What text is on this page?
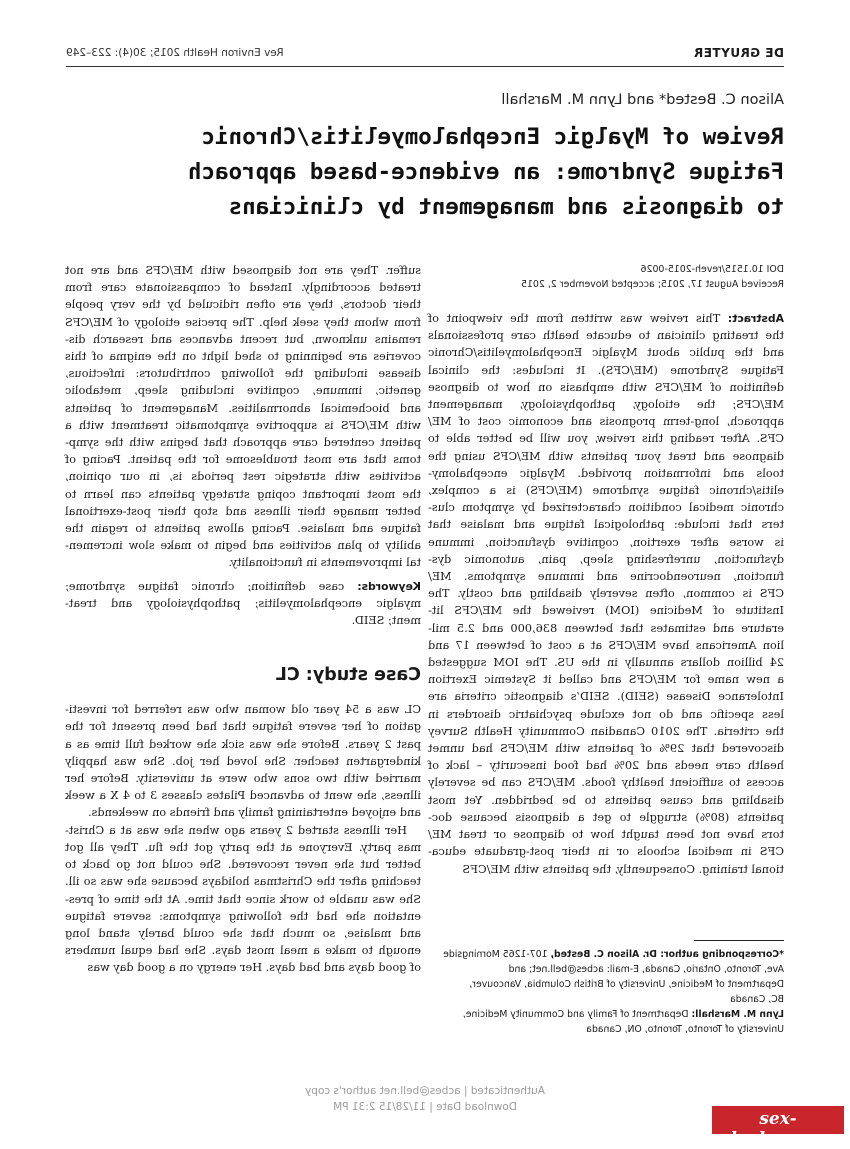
DE GRUYTER
Rev Environ Health 2015; 30(4): 223–249
Alison C. Bested* and Lynn M. Marshall
Review of Myalgic Encephalomyelitis/Chronic
Fatigue Syndrome: an evidence-based approach
to diagnosis and management by clinicians
DOI 10.1515/reveh-2015-0026
Received August 17, 2015; accepted November 2, 2015
Abstract: This review was written from the viewpoint of
the treating clinician to educate health care professionals
and the public about Myalgic Encephalomyelitis/Chronic
Fatigue Syndrome (ME/CFS). It includes: the clinical
definition of ME/CFS with emphasis on how to diagnose
ME/CFS; the etiology, pathophysiology, management
approach, long-term prognosis and economic cost of ME/
CFS. After reading this review, you will be better able to
diagnose and treat your patients with ME/CFS using the
tools and information provided. Myalgic encephalomy-
elitis/chronic fatigue syndrome (ME/CFS) is a complex,
chronic medical condition characterized by symptom clus-
ters that include: pathological fatigue and malaise that
is worse after exertion, cognitive dysfunction, immune
dysfunction, unrefreshing sleep, pain, autonomic dys-
function, neuroendocrine and immune symptoms. ME/
CFS is common, often severely disabling and costly. The
Institute of Medicine (IOM) reviewed the ME/CFS lit-
erature and estimates that between 836,000 and 2.5 mil-
lion Americans have ME/CFS at a cost of between 17 and
24 billion dollars annually in the US. The IOM suggested
a new name for ME/CFS and called it Systemic Exertion
Intolerance Disease (SEID). SEID’s diagnostic criteria are
less specific and do not exclude psychiatric disorders in
the criteria. The 2010 Canadian Community Health Survey
discovered that 29% of patients with ME/CFS had unmet
health care needs and 20% had food insecurity – lack of
access to sufficient healthy foods. ME/CFS can be severely
disabling and cause patients to be bedridden. Yet most
patients (80%) struggle to get a diagnosis because doc-
tors have not been taught how to diagnose or treat ME/
CFS in medical schools or in their post-graduate educa-
tional training. Consequently, the patients with ME/CFS
*Corresponding author: Dr. Alison C. Bested, 107-1265 Morningside
Ave, Toronto, Ontario, Canada, E-mail: acbes@bell.net; and
Department of Medicine, University of British Columbia, Vancouver,
BC, Canada
Lynn M. Marshall: Department of Family and Community Medicine,
University of Toronto, Toronto, ON, Canada
suffer. They are not diagnosed with ME/CFS and are not
treated accordingly. Instead of compassionate care from
their doctors, they are often ridiculed by the very people
from whom they seek help. The precise etiology of ME/CFS
remains unknown, but recent advances and research dis-
coveries are beginning to shed light on the enigma of this
disease including the following contributors: infectious,
genetic, immune, cognitive including sleep, metabolic
and biochemical abnormalities. Management of patients
with ME/CFS is supportive symptomatic treatment with a
patient centered care approach that begins with the symp-
toms that are most troublesome for the patient. Pacing of
activities with strategic rest periods is, in our opinion,
the most important coping strategy patients can learn to
better manage their illness and stop their post-exertional
fatigue and malaise. Pacing allows patients to regain the
ability to plan activities and begin to make slow incremen-
tal improvements in functionality.
Keywords: case definition; chronic fatigue syndrome;
myalgic encephalomyelitis; pathophysiology and treat-
ment; SEID.
Case study: CL
CL was a 54 year old woman who was referred for investi-
gation of her severe fatigue that had been present for the
past 2 years. Before she was sick she worked full time as a
kindergarten teacher. She loved her job. She was happily
married with two sons who were at university. Before her
illness, she went to advanced Pilates classes 3 to 4 X a week
and enjoyed entertaining family and friends on weekends.
Her illness started 2 years ago when she was at a Christ-
mas party. Everyone at the party got the flu. They all got
better but she never recovered. She could not go back to
teaching after the Christmas holidays because she was so ill.
She was unable to work since that time. At the time of pres-
entation she had the following symptoms: severe fatigue
and malaise, so much that she could barely stand long
enough to make a meal most days. She had equal numbers
of good days and bad days. Her energy on a good day was
Authenticated | acbes@bell.net author's copy
Download Date | 11/28/15 2:31 PM
sex-leaks.com
